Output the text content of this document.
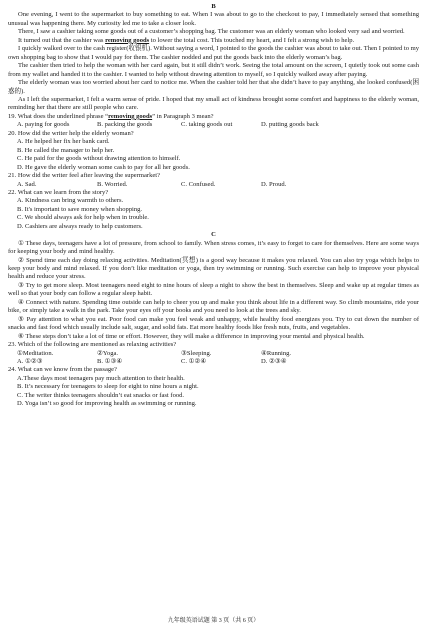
B

One evening, I went to the supermarket to buy something to eat. When I was about to go to the checkout to pay, I immediately sensed that something unusual was happening there. My curiosity led me to take a closer look.

There, I saw a cashier taking some goods out of a customer’s shopping bag. The customer was an elderly woman who looked very sad and worried.

It turned out that the cashier was removing goods to lower the total cost. This touched my heart, and I felt a strong wish to help.

I quickly walked over to the cash register(收银机). Without saying a word, I pointed to the goods the cashier was about to take out. Then I pointed to my own shopping bag to show that I would pay for them. The cashier nodded and put the goods back into the elderly woman’s bag.

The cashier then tried to help the woman with her card again, but it still didn’t work. Seeing the total amount on the screen, I quietly took out some cash from my wallet and handed it to the cashier. I wanted to help without drawing attention to myself, so I quickly walked away after paying.

The elderly woman was too worried about her card to notice me. When the cashier told her that she didn’t have to pay anything, she looked confused(困惑的).

As I left the supermarket, I felt a warm sense of pride. I hoped that my small act of kindness brought some comfort and happiness to the elderly woman, reminding her that there are still people who care.

19. What does the underlined phrase “removing goods” in Paragraph 3 mean?

A. paying for goods	B. packing the goods	C. taking goods out	D. putting goods back

20. How did the writer help the elderly woman?

A. He helped her fix her bank card.

B. He called the manager to help her.

C. He paid for the goods without drawing attention to himself.

D. He gave the elderly woman some cash to pay for all her goods.

21. How did the writer feel after leaving the supermarket?

A. Sad.	B. Worried.	C. Confused.	D. Proud.

22. What can we learn from the story?

A. Kindness can bring warmth to others.

B. It's important to save money when shopping.

C. We should always ask for help when in trouble.

D. Cashiers are always ready to help customers.

C

① These days, teenagers have a lot of pressure, from school to family. When stress comes, it’s easy to forget to care for themselves. Here are some ways for keeping your body and mind healthy.

② Spend time each day doing relaxing activities. Meditation(冥想) is a good way because it makes you relaxed. You can also try yoga which helps to keep your body and mind relaxed. If you don’t like meditation or yoga, then try swimming or running. Such exercise can help to improve your physical health and reduce your stress.

③ Try to get more sleep. Most teenagers need eight to nine hours of sleep a night to show the best in themselves. Sleep and wake up at regular times as well so that your body can follow a regular sleep habit.

④ Connect with nature. Spending time outside can help to cheer you up and make you think about life in a different way. So climb mountains, ride your bike, or simply take a walk in the park. Take your eyes off your books and you need to look at the trees and sky.

⑤ Pay attention to what you eat. Poor food can make you feel weak and unhappy, while healthy food energizes you. Try to cut down the number of snacks and fast food which usually include salt, sugar, and solid fats. Eat more healthy foods like fresh nuts, fruits, and vegetables.

⑥ These steps don’t take a lot of time or effort. However, they will make a difference in improving your mental and physical health.

23. Which of the following are mentioned as relaxing activities?

①Meditation.	②Yoga.	③Sleeping.	④Running.
A. ①②③	B. ①③④	C. ①②④	D. ②③④

24. What can we know from the passage?

A.These days most teenagers pay much attention to their health.

B. It’s necessary for teenagers to sleep for eight to nine hours a night.

C. The writer thinks teenagers shouldn’t eat snacks or fast food.

D. Yoga isn’t so good for improving health as swimming or running.

九年级英语试题 第 3 页（共 6 页）
